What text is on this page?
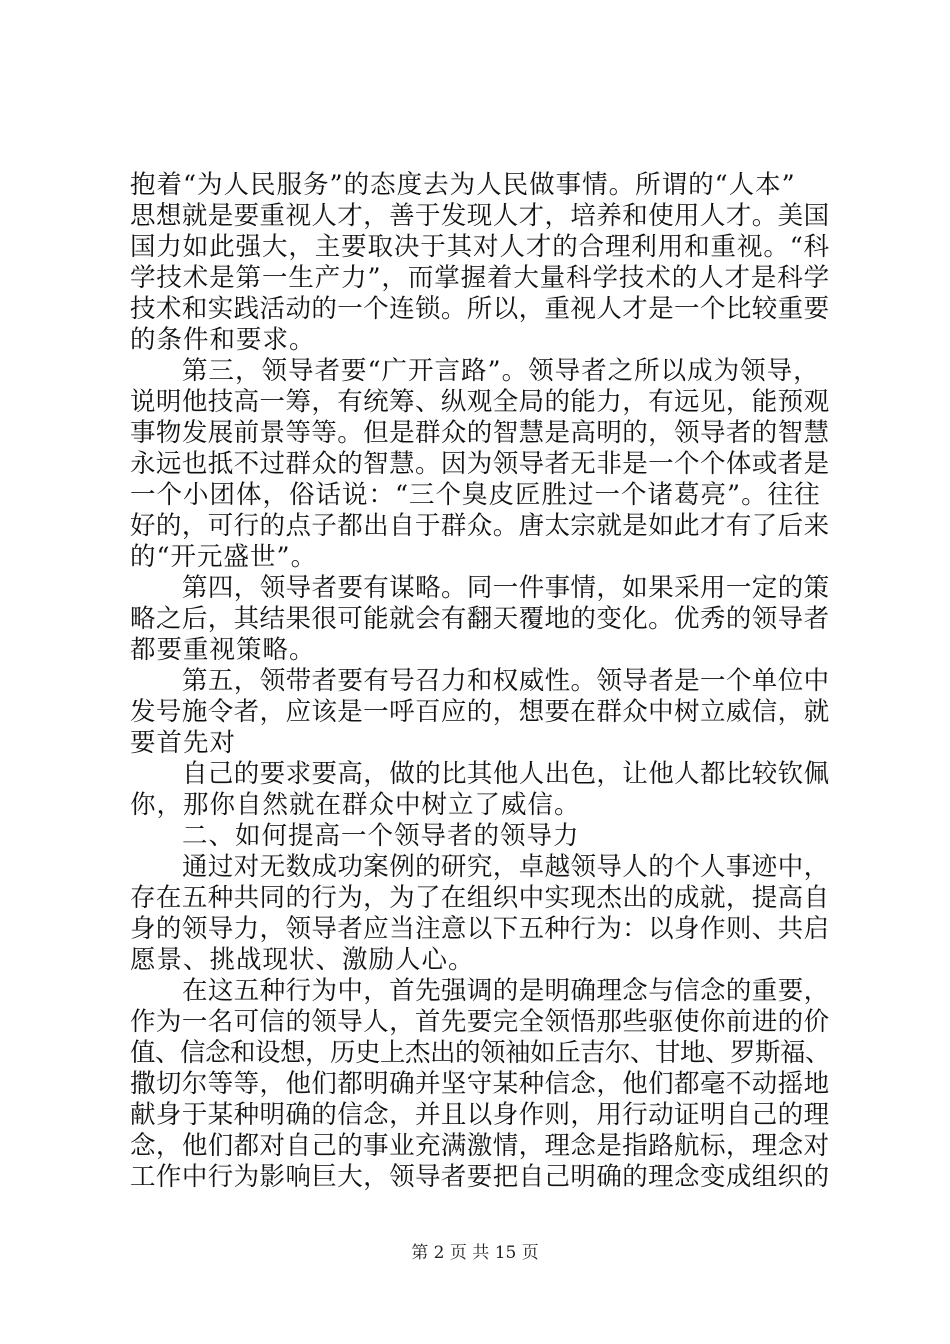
抱着“为人民服务”的态度去为人民做事情。所谓的“人本”
思想就是要重视人才，善于发现人才，培养和使用人才。美国
国力如此强大，主要取决于其对人才的合理利用和重视。“科
学技术是第一生产力”，而掌握着大量科学技术的人才是科学
技术和实践活动的一个连锁。所以，重视人才是一个比较重要
的条件和要求。
第三，领导者要“广开言路”。领导者之所以成为领导，
说明他技高一筹，有统筹、纵观全局的能力，有远见，能预观
事物发展前景等等。但是群众的智慧是高明的，领导者的智慧
永远也抵不过群众的智慧。因为领导者无非是一个个体或者是
一个小团体，俗话说：“三个臭皮匠胜过一个诸葛亮”。往往
好的，可行的点子都出自于群众。唐太宗就是如此才有了后来
的“开元盛世”。
第四，领导者要有谋略。同一件事情，如果采用一定的策
略之后，其结果很可能就会有翻天覆地的变化。优秀的领导者
都要重视策略。
第五，领带者要有号召力和权威性。领导者是一个单位中
发号施令者，应该是一呼百应的，想要在群众中树立威信，就
要首先对
自己的要求要高，做的比其他人出色，让他人都比较钦佩
你，那你自然就在群众中树立了威信。
二、如何提高一个领导者的领导力
通过对无数成功案例的研究，卓越领导人的个人事迹中，
存在五种共同的行为，为了在组织中实现杰出的成就，提高自
身的领导力，领导者应当注意以下五种行为：以身作则、共启
愿景、挑战现状、激励人心。
在这五种行为中，首先强调的是明确理念与信念的重要，
作为一名可信的领导人，首先要完全领悟那些驱使你前进的价
值、信念和设想，历史上杰出的领袖如丘吉尔、甘地、罗斯福、
撒切尔等等，他们都明确并坚守某种信念，他们都毫不动摇地
献身于某种明确的信念，并且以身作则，用行动证明自己的理
念，他们都对自己的事业充满激情，理念是指路航标，理念对
工作中行为影响巨大，领导者要把自己明确的理念变成组织的
第 2 页 共 15 页
